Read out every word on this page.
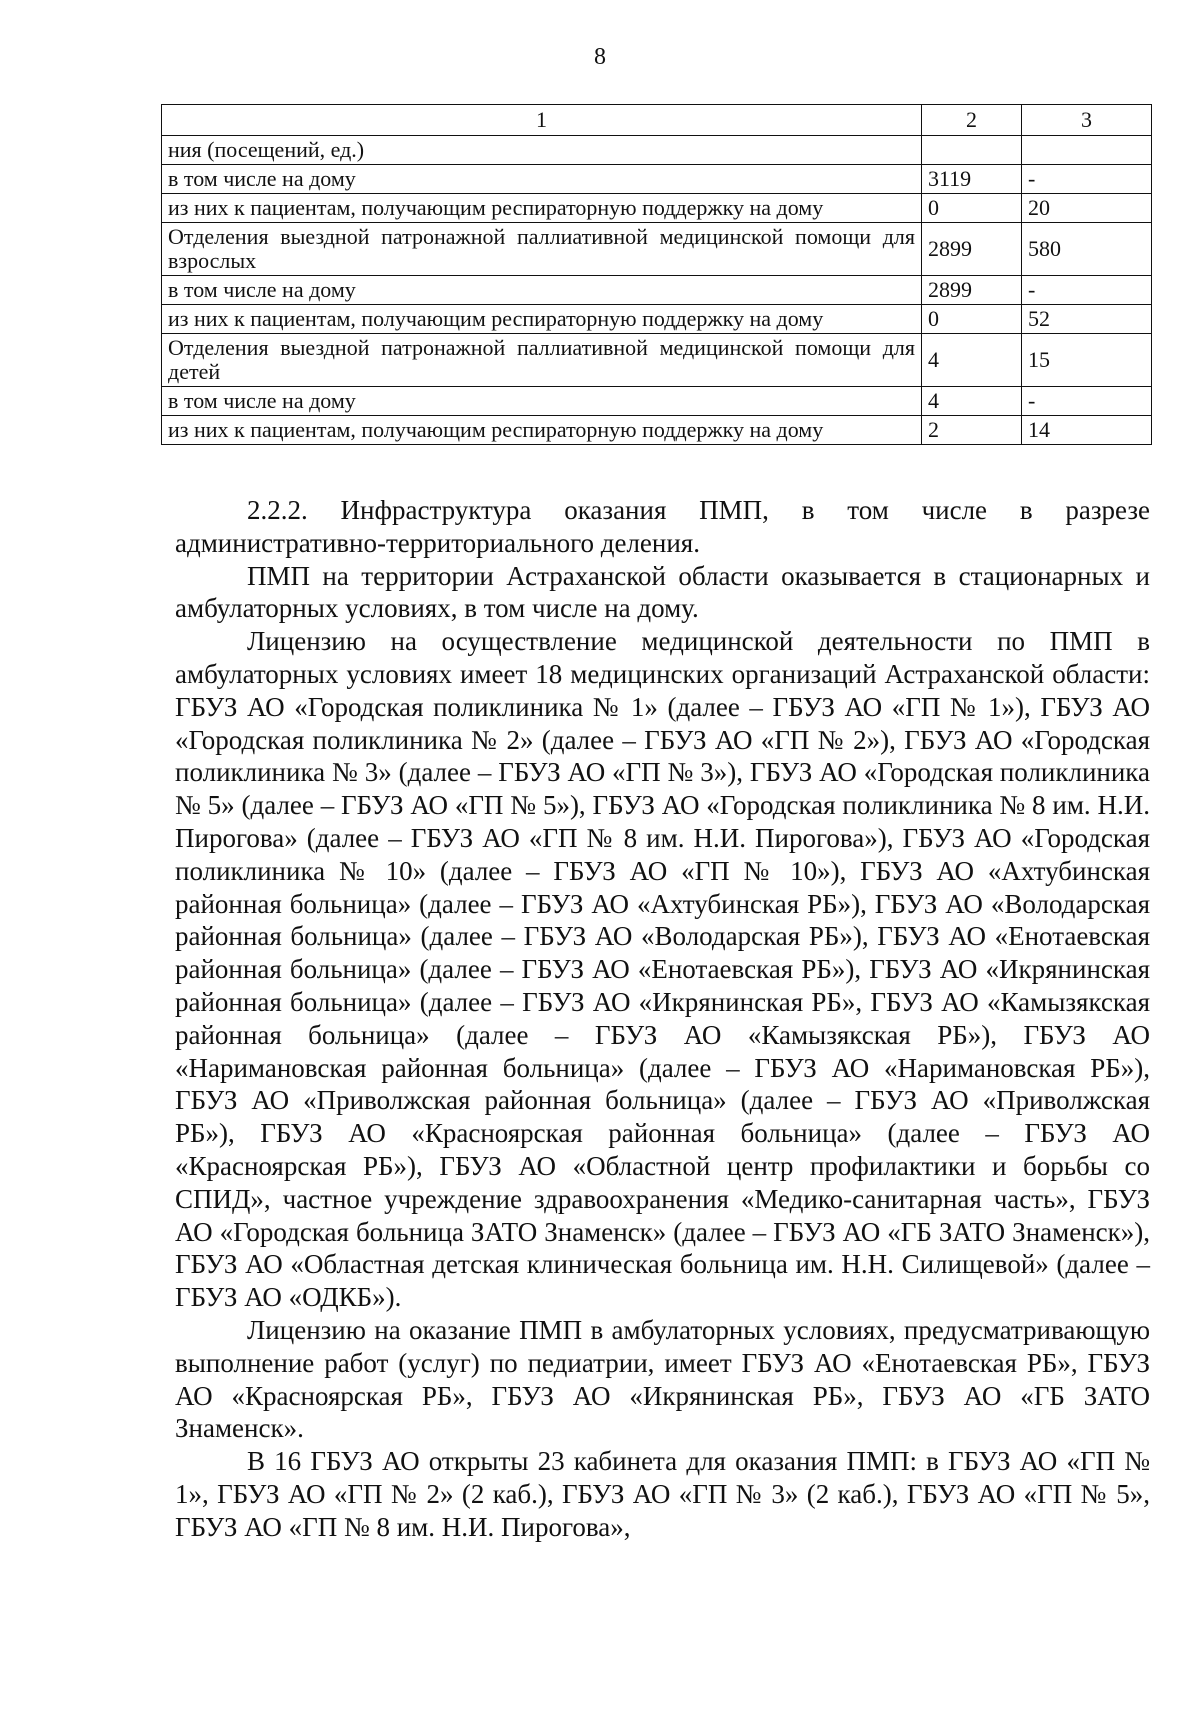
8
1	2	3
ния (посещений, ед.)		
в том числе на дому	3119	-
из них к пациентам, получающим респираторную поддержку на дому	0	20
Отделения выездной патронажной паллиативной медицинской помощи для взрослых	2899	580
в том числе на дому	2899	-
из них к пациентам, получающим респираторную поддержку на дому	0	52
Отделения выездной патронажной паллиативной медицинской помощи для детей	4	15
в том числе на дому	4	-
из них к пациентам, получающим респираторную поддержку на дому	2	14

2.2.2. Инфраструктура оказания ПМП, в том числе в разрезе административно-территориального деления.

ПМП на территории Астраханской области оказывается в стационарных и амбулаторных условиях, в том числе на дому.

Лицензию на осуществление медицинской деятельности по ПМП в амбулаторных условиях имеет 18 медицинских организаций Астраханской области: ГБУЗ АО «Городская поликлиника № 1» (далее – ГБУЗ АО «ГП № 1»), ГБУЗ АО «Городская поликлиника № 2» (далее – ГБУЗ АО «ГП № 2»), ГБУЗ АО «Городская поликлиника № 3» (далее – ГБУЗ АО «ГП № 3»), ГБУЗ АО «Городская поликлиника № 5» (далее – ГБУЗ АО «ГП № 5»), ГБУЗ АО «Городская поликлиника № 8 им. Н.И. Пирогова» (далее – ГБУЗ АО «ГП № 8 им. Н.И. Пирогова»), ГБУЗ АО «Городская поликлиника № 10» (далее – ГБУЗ АО «ГП № 10»), ГБУЗ АО «Ахтубинская районная больница» (далее – ГБУЗ АО «Ахтубинская РБ»), ГБУЗ АО «Володарская районная больница» (далее – ГБУЗ АО «Володарская РБ»), ГБУЗ АО «Енотаевская районная больница» (далее – ГБУЗ АО «Енотаевская РБ»), ГБУЗ АО «Икрянинская районная больница» (далее – ГБУЗ АО «Икрянинская РБ», ГБУЗ АО «Камызякская районная больница» (далее – ГБУЗ АО «Камызякская РБ»), ГБУЗ АО «Наримановская районная больница» (далее – ГБУЗ АО «Наримановская РБ»), ГБУЗ АО «Приволжская районная больница» (далее – ГБУЗ АО «Приволжская РБ»), ГБУЗ АО «Красноярская районная больница» (далее – ГБУЗ АО «Красноярская РБ»), ГБУЗ АО «Областной центр профилактики и борьбы со СПИД», частное учреждение здравоохранения «Медико-санитарная часть», ГБУЗ АО «Городская больница ЗАТО Знаменск» (далее – ГБУЗ АО «ГБ ЗАТО Знаменск»), ГБУЗ АО «Областная детская клиническая больница им. Н.Н. Силищевой» (далее – ГБУЗ АО «ОДКБ»).

Лицензию на оказание ПМП в амбулаторных условиях, предусматривающую выполнение работ (услуг) по педиатрии, имеет ГБУЗ АО «Енотаевская РБ», ГБУЗ АО «Красноярская РБ», ГБУЗ АО «Икрянинская РБ», ГБУЗ АО «ГБ ЗАТО Знаменск».

В 16 ГБУЗ АО открыты 23 кабинета для оказания ПМП: в ГБУЗ АО «ГП № 1», ГБУЗ АО «ГП № 2» (2 каб.), ГБУЗ АО «ГП № 3» (2 каб.), ГБУЗ АО «ГП № 5», ГБУЗ АО «ГП № 8 им. Н.И. Пирогова»,
